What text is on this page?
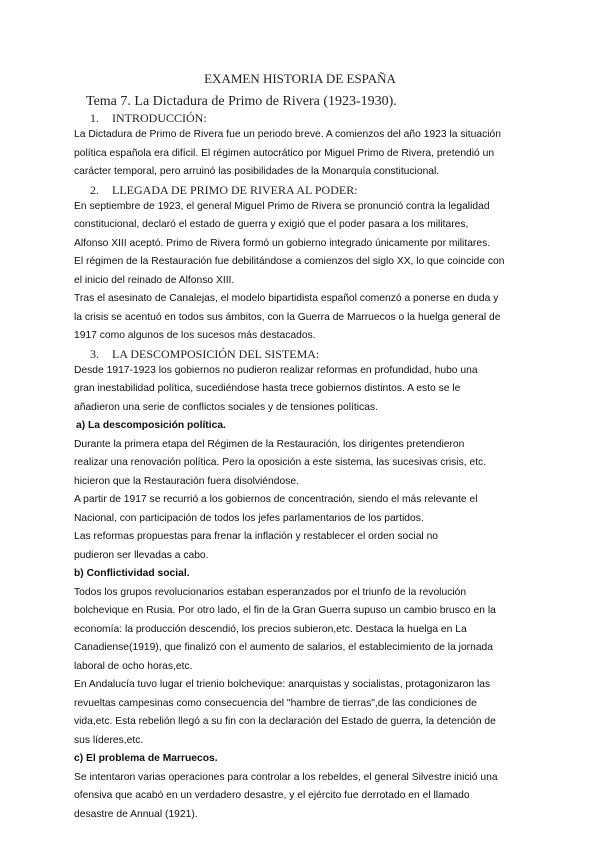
EXAMEN HISTORIA DE ESPAÑA
Tema 7. La Dictadura de Primo de Rivera (1923-1930).
1. INTRODUCCIÓN:

La Dictadura de Primo de Rivera fue un periodo breve. A comienzos del año 1923 la situación
política española era difícil. El régimen autocrático por Miguel Primo de Rivera, pretendió un
carácter temporal, pero arruinó las posibilidades de la Monarquía constitucional.

2. LLEGADA DE PRIMO DE RIVERA AL PODER:

En septiembre de 1923, el general Miguel Primo de Rivera se pronunció contra la legalidad
constitucional, declaró el estado de guerra y exigió que el poder pasara a los militares,
Alfonso XIII aceptó. Primo de Rivera formó un gobierno integrado únicamente por militares.
El régimen de la Restauración fue debilitándose a comienzos del siglo XX, lo que coincide con
el inicio del reinado de Alfonso XIII.
Tras el asesinato de Canalejas, el modelo bipartidista español comenzó a ponerse en duda y
la crisis se acentuó en todos sus ámbitos, con la Guerra de Marruecos o la huelga general de
1917 como algunos de los sucesos más destacados.

3. LA DESCOMPOSICIÓN DEL SISTEMA:

Desde 1917-1923 los gobiernos no pudieron realizar reformas en profundidad, hubo una
gran inestabilidad política, sucediéndose hasta trece gobiernos distintos. A esto se le
añadieron una serie de conflictos sociales y de tensiones políticas.

a) La descomposición política.

Durante la primera etapa del Régimen de la Restauración, los dirigentes pretendieron
realizar una renovación política. Pero la oposición a este sistema, las sucesivas crisis, etc.
hicieron que la Restauración fuera disolviéndose.

A partir de 1917 se recurrió a los gobiernos de concentración, siendo el más relevante el
Nacional, con participación de todos los jefes parlamentarios de los partidos.
Las reformas propuestas para frenar la inflación y restablecer el orden social no
pudieron ser llevadas a cabo.

b) Conflictividad social.

Todos los grupos revolucionarios estaban esperanzados por el triunfo de la revolución
bolchevique en Rusia. Por otro lado, el fin de la Gran Guerra supuso un cambio brusco en la
economía: la producción descendió, los precios subieron,etc. Destaca la huelga en La
Canadiense(1919), que finalizó con el aumento de salarios, el establecimiento de la jornada
laboral de ocho horas,etc.

En Andalucía tuvo lugar el trienio bolchevique: anarquistas y socialistas, protagonizaron las
revueltas campesinas como consecuencia del "hambre de tierras",de las condiciones de
vida,etc. Esta rebelión llegó a su fin con la declaración del Estado de guerra, la detención de
sus líderes,etc.

c) El problema de Marruecos.

Se intentaron varias operaciones para controlar a los rebeldes, el general Silvestre inició una
ofensiva que acabó en un verdadero desastre, y el ejército fue derrotado en el llamado
desastre de Annual (1921).
